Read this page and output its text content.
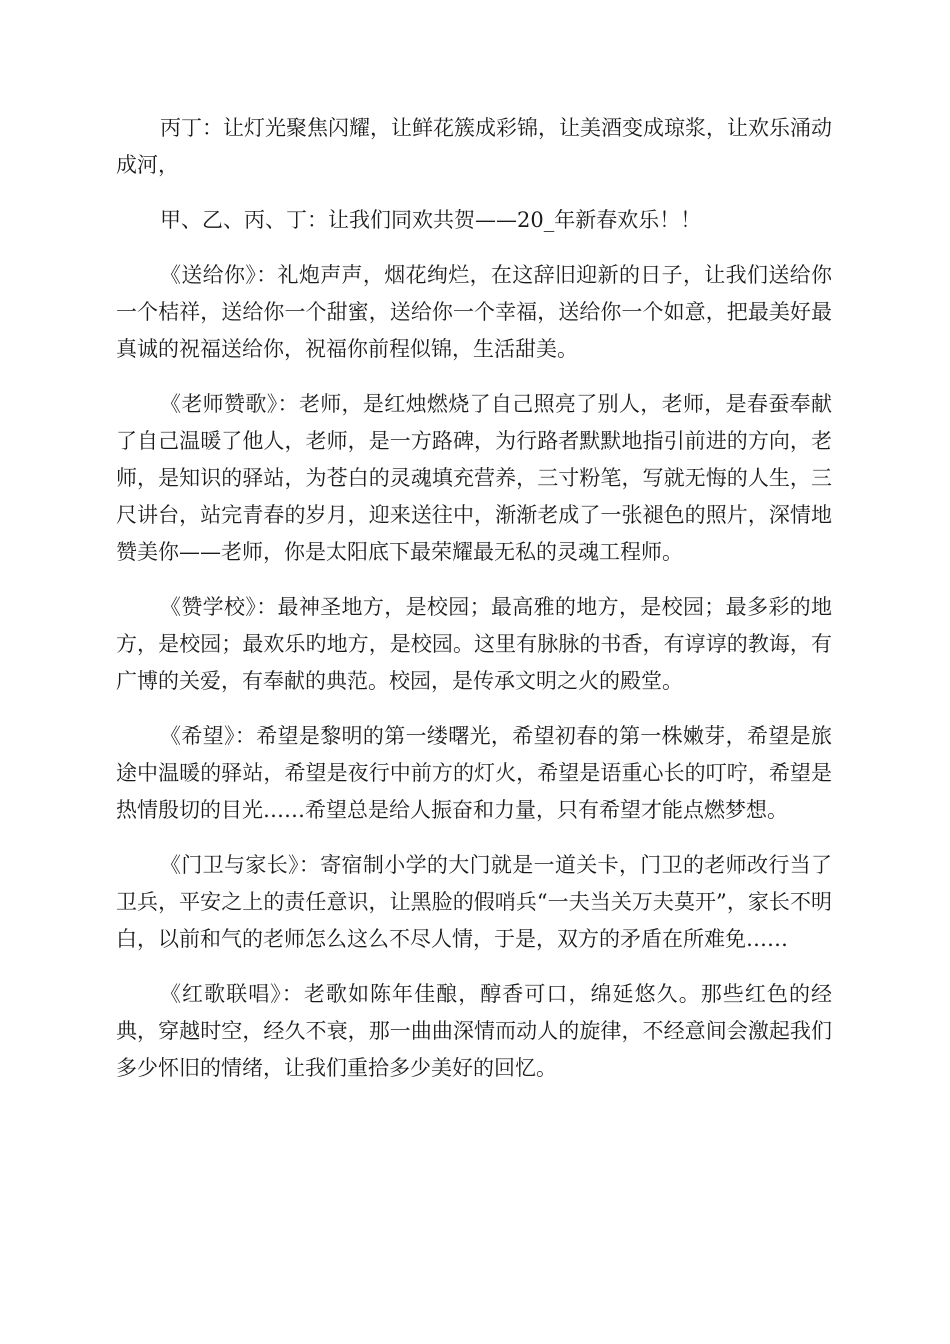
丙丁：让灯光聚焦闪耀，让鲜花簇成彩锦，让美酒变成琼浆，让欢乐涌动成河，

甲、乙、丙、丁：让我们同欢共贺——20_年新春欢乐！！

《送给你》：礼炮声声，烟花绚烂，在这辞旧迎新的日子，让我们送给你一个桔祥，送给你一个甜蜜，送给你一个幸福，送给你一个如意，把最美好最真诚的祝福送给你，祝福你前程似锦，生活甜美。

《老师赞歌》：老师，是红烛燃烧了自己照亮了别人，老师，是春蚕奉献了自己温暖了他人，老师，是一方路碑，为行路者默默地指引前进的方向，老师，是知识的驿站，为苍白的灵魂填充营养，三寸粉笔，写就无悔的人生，三尺讲台，站完青春的岁月，迎来送往中，渐渐老成了一张褪色的照片，深情地赞美你——老师，你是太阳底下最荣耀最无私的灵魂工程师。

《赞学校》：最神圣地方，是校园；最高雅的地方，是校园；最多彩的地方，是校园；最欢乐旳地方，是校园。这里有脉脉的书香，有谆谆的教诲，有广博的关爱，有奉献的典范。校园，是传承文明之火的殿堂。

《希望》：希望是黎明的第一缕曙光，希望初春的第一株嫩芽，希望是旅途中温暖的驿站，希望是夜行中前方的灯火，希望是语重心长的叮咛，希望是热情殷切的目光……希望总是给人振奋和力量，只有希望才能点燃梦想。

《门卫与家长》：寄宿制小学的大门就是一道关卡，门卫的老师改行当了卫兵，平安之上的责任意识，让黑脸的假哨兵“一夫当关万夫莫开”，家长不明白，以前和气的老师怎么这么不尽人情，于是，双方的矛盾在所难免……

《红歌联唱》：老歌如陈年佳酿，醇香可口，绵延悠久。那些红色的经典，穿越时空，经久不衰，那一曲曲深情而动人的旋律，不经意间会激起我们多少怀旧的情绪，让我们重拾多少美好的回忆。
